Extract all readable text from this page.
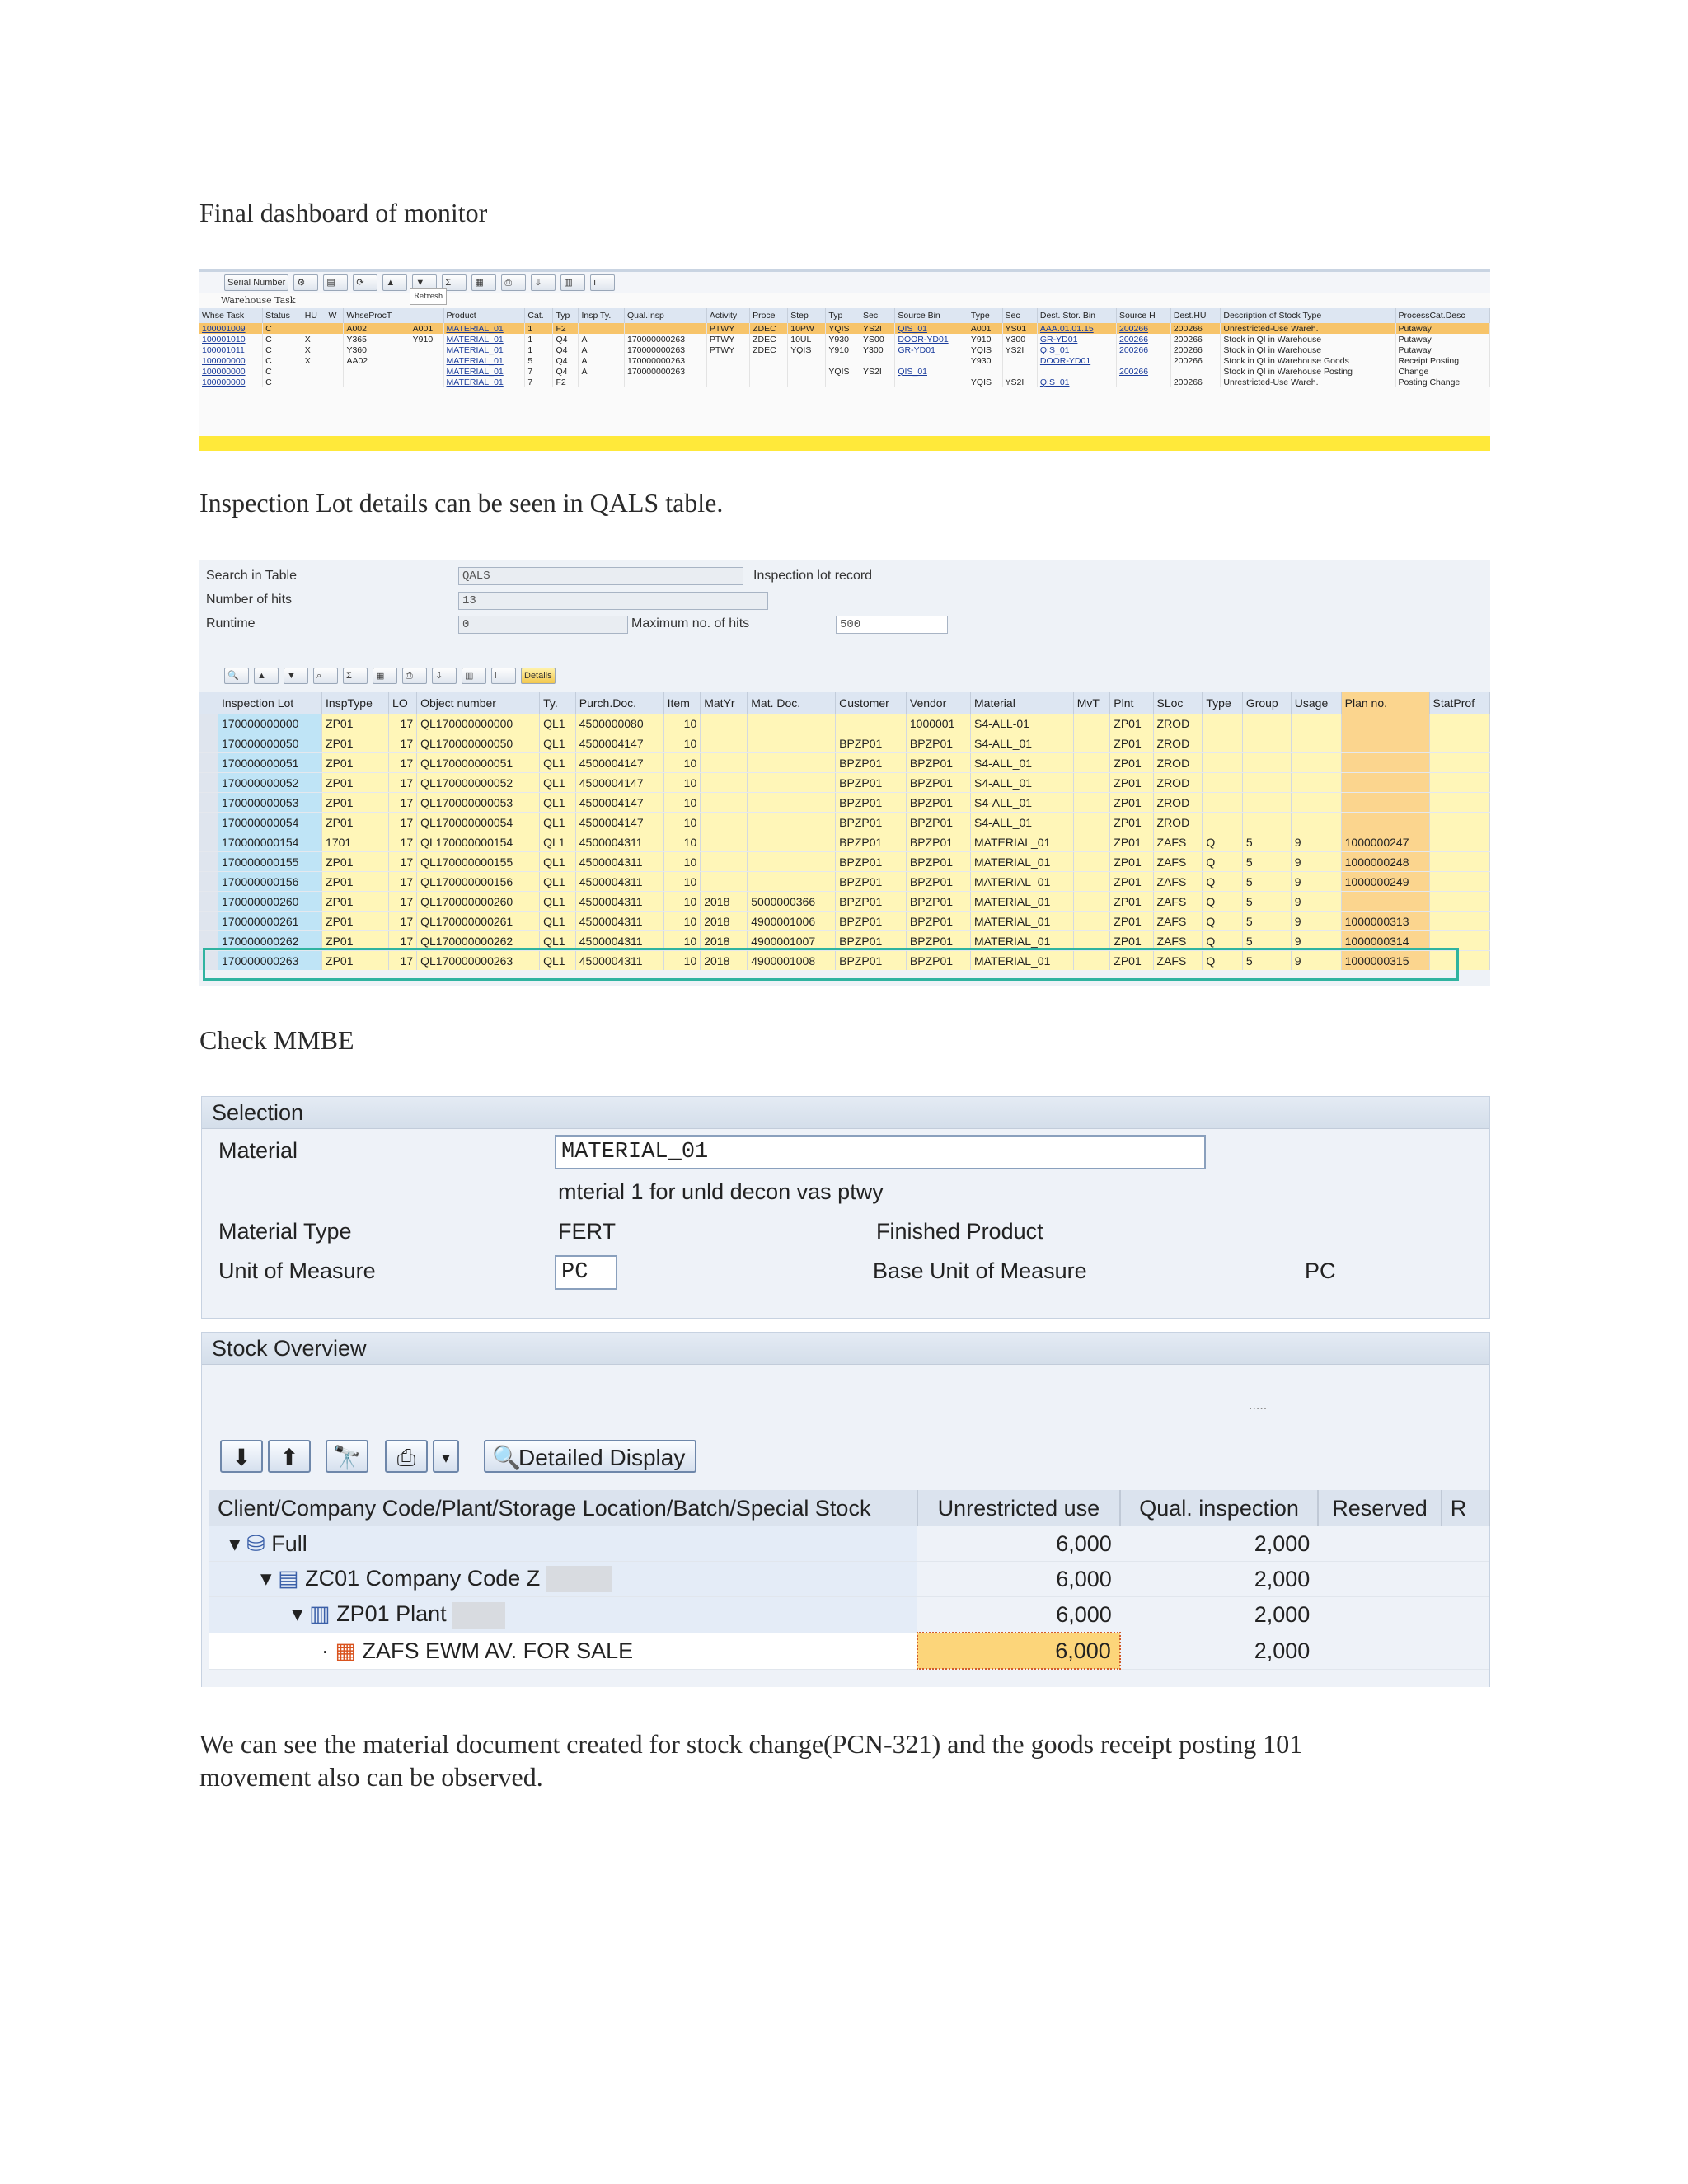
Final dashboard of monitor
Serial Number	⚙	▤	⟳	▲	▼	Σ	▦	⎙	⇩	▥	i
Warehouse Task	Refresh
Whse Task	Status	HU	W	WhseProcT		Product	Cat.	Typ	Insp Ty.	Qual.Insp	Activity	Proce	Step	Typ	Sec	Source Bin	Type	Sec	Dest. Stor. Bin	Source H	Dest.HU	Description of Stock Type	ProcessCat.Desc
100001009	C			A002	A001	MATERIAL_01	1	F2			PTWY	ZDEC	10PW	YQIS	YS2I	QIS_01	A001	YS01	AAA.01.01.15	200266	200266	Unrestricted-Use Wareh.	Putaway
100001010	C	X		Y365	Y910	MATERIAL_01	1	Q4	A	170000000263	PTWY	ZDEC	10UL	Y930	YS00	DOOR-YD01	Y910	Y300	GR-YD01	200266	200266	Stock in QI in Warehouse	Putaway
100001011	C	X		Y360		MATERIAL_01	1	Q4	A	170000000263	PTWY	ZDEC	YQIS	Y910	Y300	GR-YD01	YQIS	YS2I	QIS_01	200266	200266	Stock in QI in Warehouse	Putaway
100000000	C	X		AA02		MATERIAL_01	5	Q4	A	170000000263							Y930		DOOR-YD01		200266	Stock in QI in Warehouse Goods	Receipt Posting
100000000	C					MATERIAL_01	7	Q4	A	170000000263				YQIS	YS2I	QIS_01				200266		Stock in QI in Warehouse Posting	Change
100000000	C					MATERIAL_01	7	F2									YQIS	YS2I	QIS_01		200266	Unrestricted-Use Wareh.	Posting Change
Inspection Lot details can be seen in QALS table.
Search in Table	QALS	Inspection lot record
Number of hits	13
Runtime	0	Maximum no. of hits	500
🔍	▲	▼	⌕	Σ	▦	⎙	⇩	▥	i	Details
	Inspection Lot	InspType	LO	Object number	Ty.	Purch.Doc.	Item	MatYr	Mat. Doc.	Customer	Vendor	Material	MvT	Plnt	SLoc	Type	Group	Usage	Plan no.	StatProf
	170000000000	ZP01	17	QL170000000000	QL1	4500000080	10				1000001	S4-ALL-01		ZP01	ZROD					
	170000000050	ZP01	17	QL170000000050	QL1	4500004147	10			BPZP01	BPZP01	S4-ALL_01		ZP01	ZROD					
	170000000051	ZP01	17	QL170000000051	QL1	4500004147	10			BPZP01	BPZP01	S4-ALL_01		ZP01	ZROD					
	170000000052	ZP01	17	QL170000000052	QL1	4500004147	10			BPZP01	BPZP01	S4-ALL_01		ZP01	ZROD					
	170000000053	ZP01	17	QL170000000053	QL1	4500004147	10			BPZP01	BPZP01	S4-ALL_01		ZP01	ZROD					
	170000000054	ZP01	17	QL170000000054	QL1	4500004147	10			BPZP01	BPZP01	S4-ALL_01		ZP01	ZROD					
	170000000154	1701	17	QL170000000154	QL1	4500004311	10			BPZP01	BPZP01	MATERIAL_01		ZP01	ZAFS	Q	5	9	1000000247	
	170000000155	ZP01	17	QL170000000155	QL1	4500004311	10			BPZP01	BPZP01	MATERIAL_01		ZP01	ZAFS	Q	5	9	1000000248	
	170000000156	ZP01	17	QL170000000156	QL1	4500004311	10			BPZP01	BPZP01	MATERIAL_01		ZP01	ZAFS	Q	5	9	1000000249	
	170000000260	ZP01	17	QL170000000260	QL1	4500004311	10	2018	5000000366	BPZP01	BPZP01	MATERIAL_01		ZP01	ZAFS	Q	5	9		
	170000000261	ZP01	17	QL170000000261	QL1	4500004311	10	2018	4900001006	BPZP01	BPZP01	MATERIAL_01		ZP01	ZAFS	Q	5	9	1000000313	
	170000000262	ZP01	17	QL170000000262	QL1	4500004311	10	2018	4900001007	BPZP01	BPZP01	MATERIAL_01		ZP01	ZAFS	Q	5	9	1000000314	
	170000000263	ZP01	17	QL170000000263	QL1	4500004311	10	2018	4900001008	BPZP01	BPZP01	MATERIAL_01		ZP01	ZAFS	Q	5	9	1000000315	
Check MMBE
Selection
Material	MATERIAL_01
mterial 1 for unld decon vas ptwy
Material Type	FERT	Finished Product
Unit of Measure	PC	Base Unit of Measure	PC
Stock Overview
.....
⬇	⬆	🔭	⎙	▾	🔍
Detailed Display
Client/Company Code/Plant/Storage Location/Batch/Special Stock	Unrestricted use	Qual. inspection	Reserved	R
▾ ⛁ Full	6,000	2,000		
▾ ▤ ZC01 Company Code Z	6,000	2,000		
▾ ▥ ZP01 Plant	6,000	2,000		
· ▦ ZAFS EWM AV. FOR SALE	6,000	2,000		
We can see the material document created for stock change(PCN-321) and the goods receipt posting 101
movement also can be observed.
